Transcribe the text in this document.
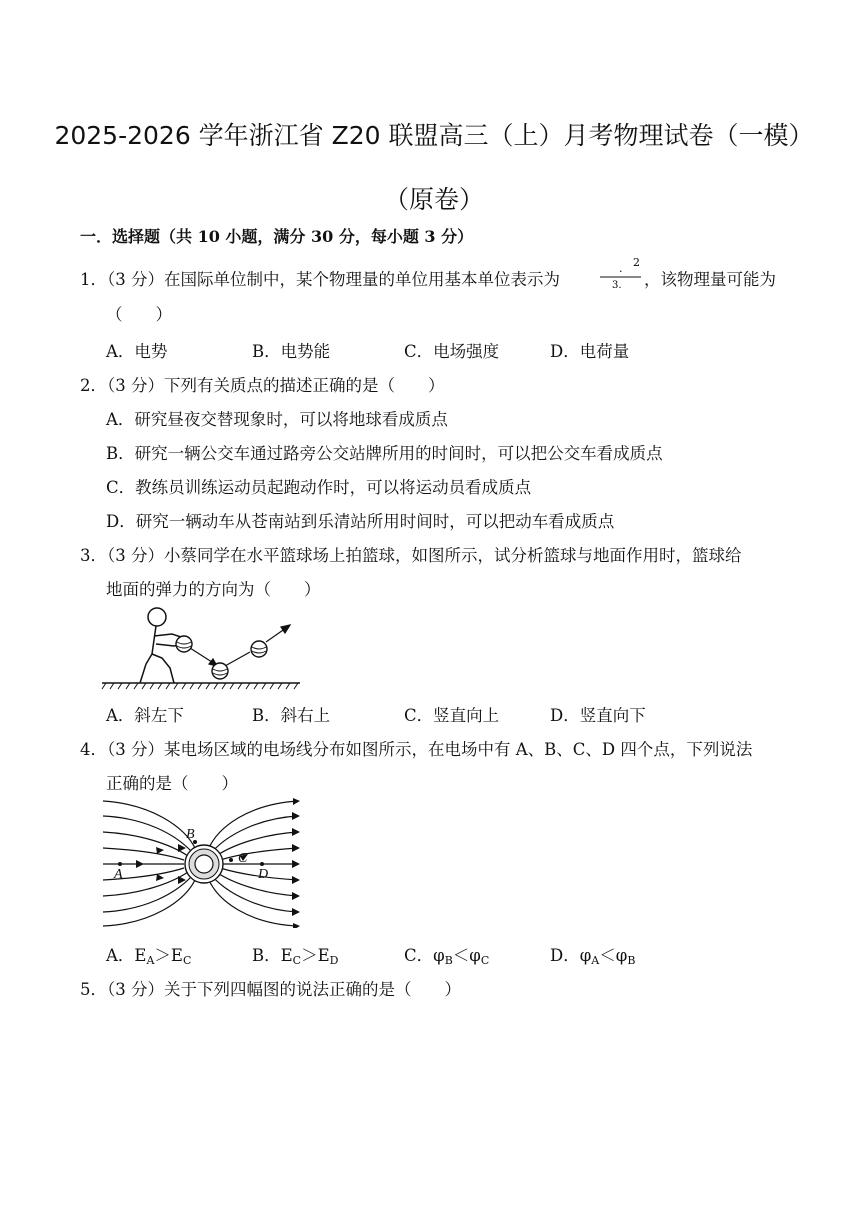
2025-2026 学年浙江省 Z20 联盟高三（上）月考物理试卷（一模）
（原卷）
一．选择题（共 10 小题，满分 30 分，每小题 3 分）
1．（3 分）在国际单位制中，某个物理量的单位用基本单位表示为
2
.
3. ，该物理量可能为
（　　）
A．电势	B．电势能	C．电场强度	D．电荷量
2．（3 分）下列有关质点的描述正确的是（　　）
A．研究昼夜交替现象时，可以将地球看成质点
B．研究一辆公交车通过路旁公交站牌所用的时间时，可以把公交车看成质点
C．教练员训练运动员起跑动作时，可以将运动员看成质点
D．研究一辆动车从苍南站到乐清站所用时间时，可以把动车看成质点
3．（3 分）小蔡同学在水平篮球场上拍篮球，如图所示，试分析篮球与地面作用时，篮球给
地面的弹力的方向为（　　）
A．斜左下	B．斜右上	C．竖直向上	D．竖直向下
4．（3 分）某电场区域的电场线分布如图所示，在电场中有 A、B、C、D 四个点，下列说法
正确的是（　　）
A
B
C
D
A．$E_A>E_C$	B．$E_C>E_D$	C．$\varphi_B<\varphi_C$	D．$\varphi_A<\varphi_B$
5．（3 分）关于下列四幅图的说法正确的是（　　）
